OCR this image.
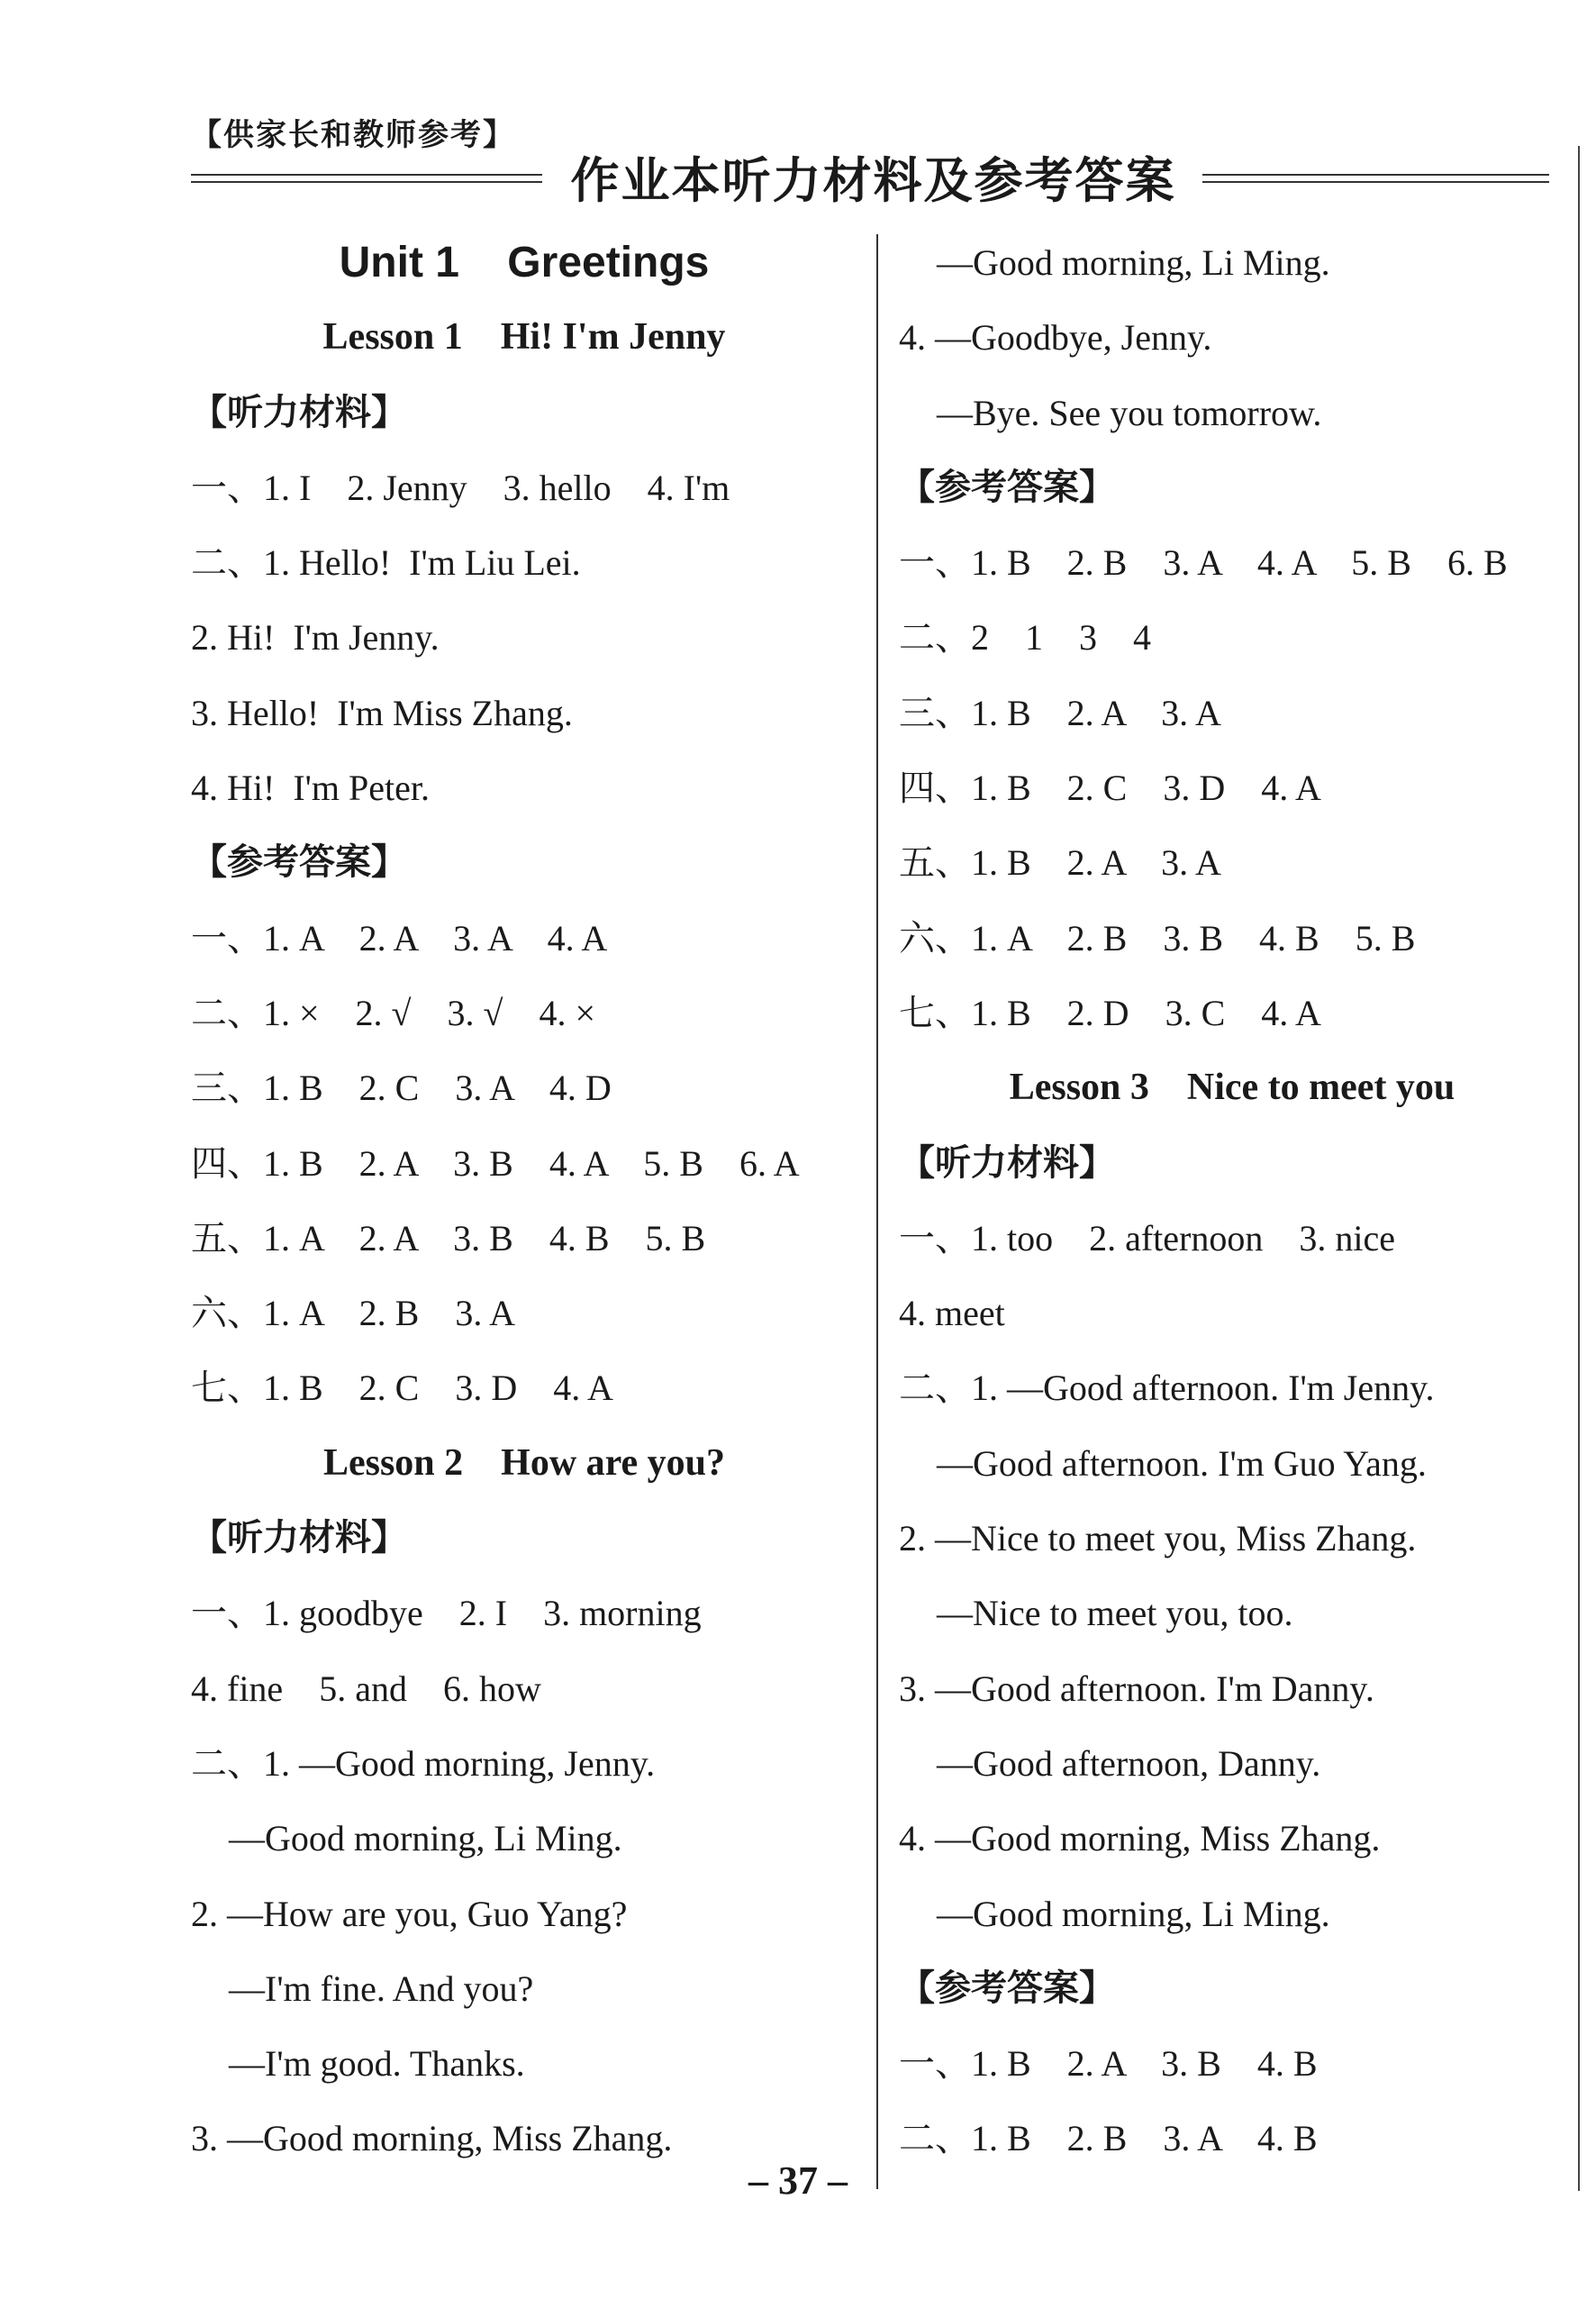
【供家长和教师参考】
作业本听力材料及参考答案
Unit 1    Greetings
Lesson 1    Hi! I'm Jenny
【听力材料】
一、1. I    2. Jenny    3. hello    4. I'm
二、1. Hello!  I'm Liu Lei.
2. Hi!  I'm Jenny.
3. Hello!  I'm Miss Zhang.
4. Hi!  I'm Peter.
【参考答案】
一、1. A    2. A    3. A    4. A
二、1. ×    2. √    3. √    4. ×
三、1. B    2. C    3. A    4. D
四、1. B    2. A    3. B    4. A    5. B    6. A
五、1. A    2. A    3. B    4. B    5. B
六、1. A    2. B    3. A
七、1. B    2. C    3. D    4. A
Lesson 2    How are you?
【听力材料】
一、1. goodbye    2. I    3. morning
4. fine    5. and    6. how
二、1. —Good morning, Jenny.
—Good morning, Li Ming.
2. —How are you, Guo Yang?
—I'm fine. And you?
—I'm good. Thanks.
3. —Good morning, Miss Zhang.
—Good morning, Li Ming.
4. —Goodbye, Jenny.
—Bye. See you tomorrow.
【参考答案】
一、1. B    2. B    3. A    4. A    5. B    6. B
二、2    1    3    4
三、1. B    2. A    3. A
四、1. B    2. C    3. D    4. A
五、1. B    2. A    3. A
六、1. A    2. B    3. B    4. B    5. B
七、1. B    2. D    3. C    4. A
Lesson 3    Nice to meet you
【听力材料】
一、1. too    2. afternoon    3. nice
4. meet
二、1. —Good afternoon. I'm Jenny.
—Good afternoon. I'm Guo Yang.
2. —Nice to meet you, Miss Zhang.
—Nice to meet you, too.
3. —Good afternoon. I'm Danny.
—Good afternoon, Danny.
4. —Good morning, Miss Zhang.
—Good morning, Li Ming.
【参考答案】
一、1. B    2. A    3. B    4. B
二、1. B    2. B    3. A    4. B
– 37 –
